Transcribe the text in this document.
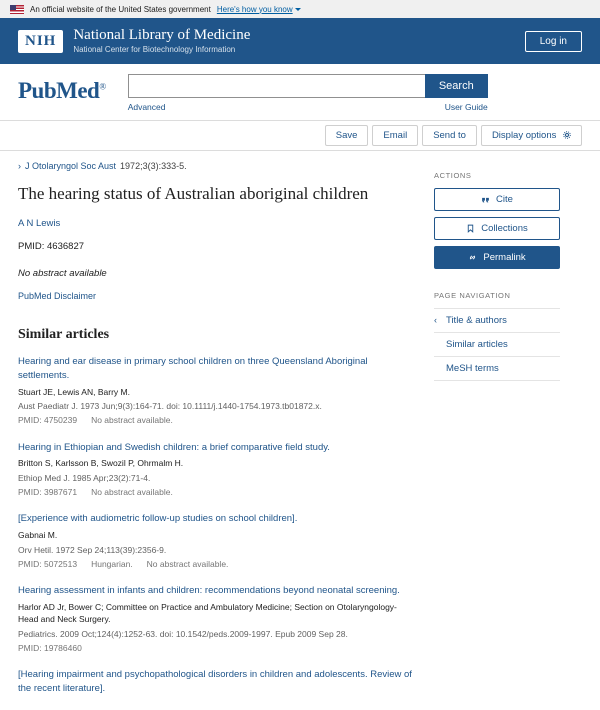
An official website of the United States government Here's how you know
NIH	National Library of Medicine
National Center for Biotechnology Information
Log in
PubMed®	Search
Advanced	User Guide
Save	Email	Send to	Display options
› J Otolaryngol Soc Aust 1972;3(3):333-5.
The hearing status of Australian aboriginal children
A N Lewis
PMID: 4636827
No abstract available
PubMed Disclaimer
Similar articles
Hearing and ear disease in primary school children on three Queensland Aboriginal settlements.
Stuart JE, Lewis AN, Barry M.
Aust Paediatr J. 1973 Jun;9(3):164-71. doi: 10.1111/j.1440-1754.1973.tb01872.x.
PMID: 4750239 No abstract available.
Hearing in Ethiopian and Swedish children: a brief comparative field study.
Britton S, Karlsson B, Swozil P, Ohrmalm H.
Ethiop Med J. 1985 Apr;23(2):71-4.
PMID: 3987671 No abstract available.
[Experience with audiometric follow-up studies on school children].
Gabnai M.
Orv Hetil. 1972 Sep 24;113(39):2356-9.
PMID: 5072513 Hungarian. No abstract available.
Hearing assessment in infants and children: recommendations beyond neonatal screening.
Harlor AD Jr, Bower C; Committee on Practice and Ambulatory Medicine; Section on Otolaryngology-Head and Neck Surgery.
Pediatrics. 2009 Oct;124(4):1252-63. doi: 10.1542/peds.2009-1997. Epub 2009 Sep 28.
PMID: 19786460
[Hearing impairment and psychopathological disorders in children and adolescents. Review of the recent literature].
ACTIONS
Cite
Collections
Permalink
PAGE NAVIGATION
‹ Title & authors
Similar articles
MeSH terms
